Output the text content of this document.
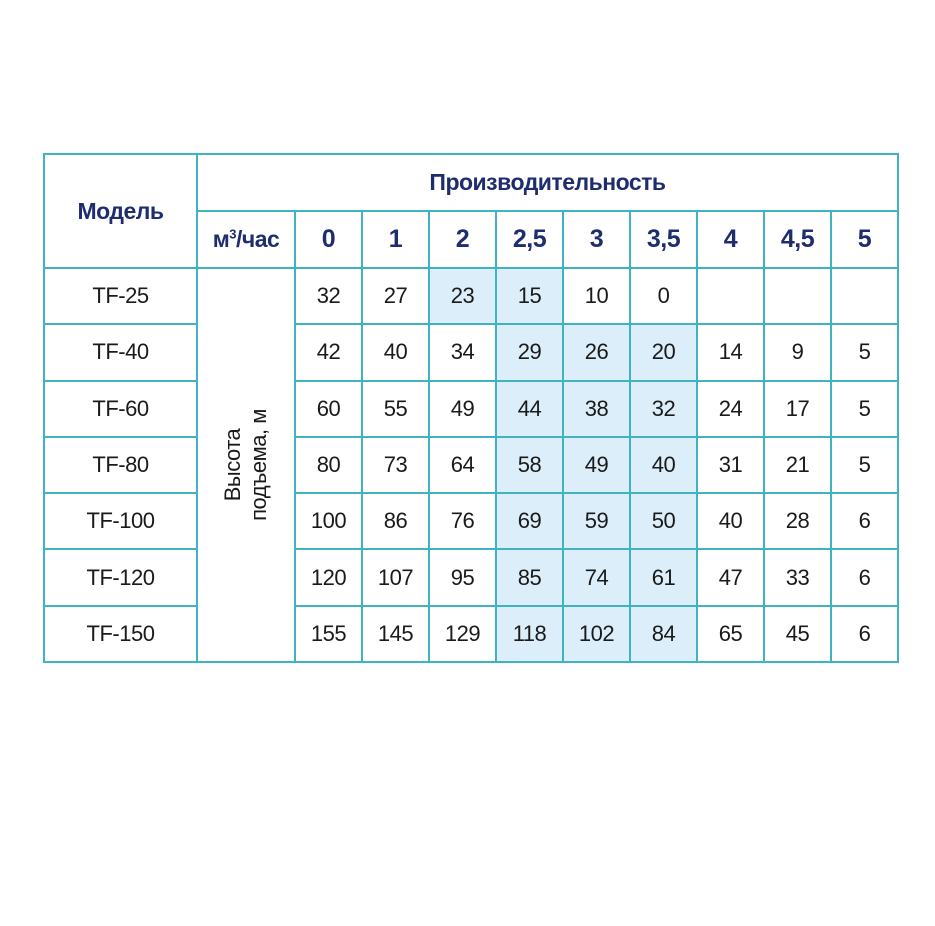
Модель	Производительность									
	$м^3$/час	0	1	2	2,5	3	3,5	4	4,5	5
TF-25	Высота подъема, м	32	27	23	15	10	0			
TF-40		42	40	34	29	26	20	14	9	5
TF-60		60	55	49	44	38	32	24	17	5
TF-80		80	73	64	58	49	40	31	21	5
TF-100		100	86	76	69	59	50	40	28	6
TF-120		120	107	95	85	74	61	47	33	6
TF-150		155	145	129	118	102	84	65	45	6
